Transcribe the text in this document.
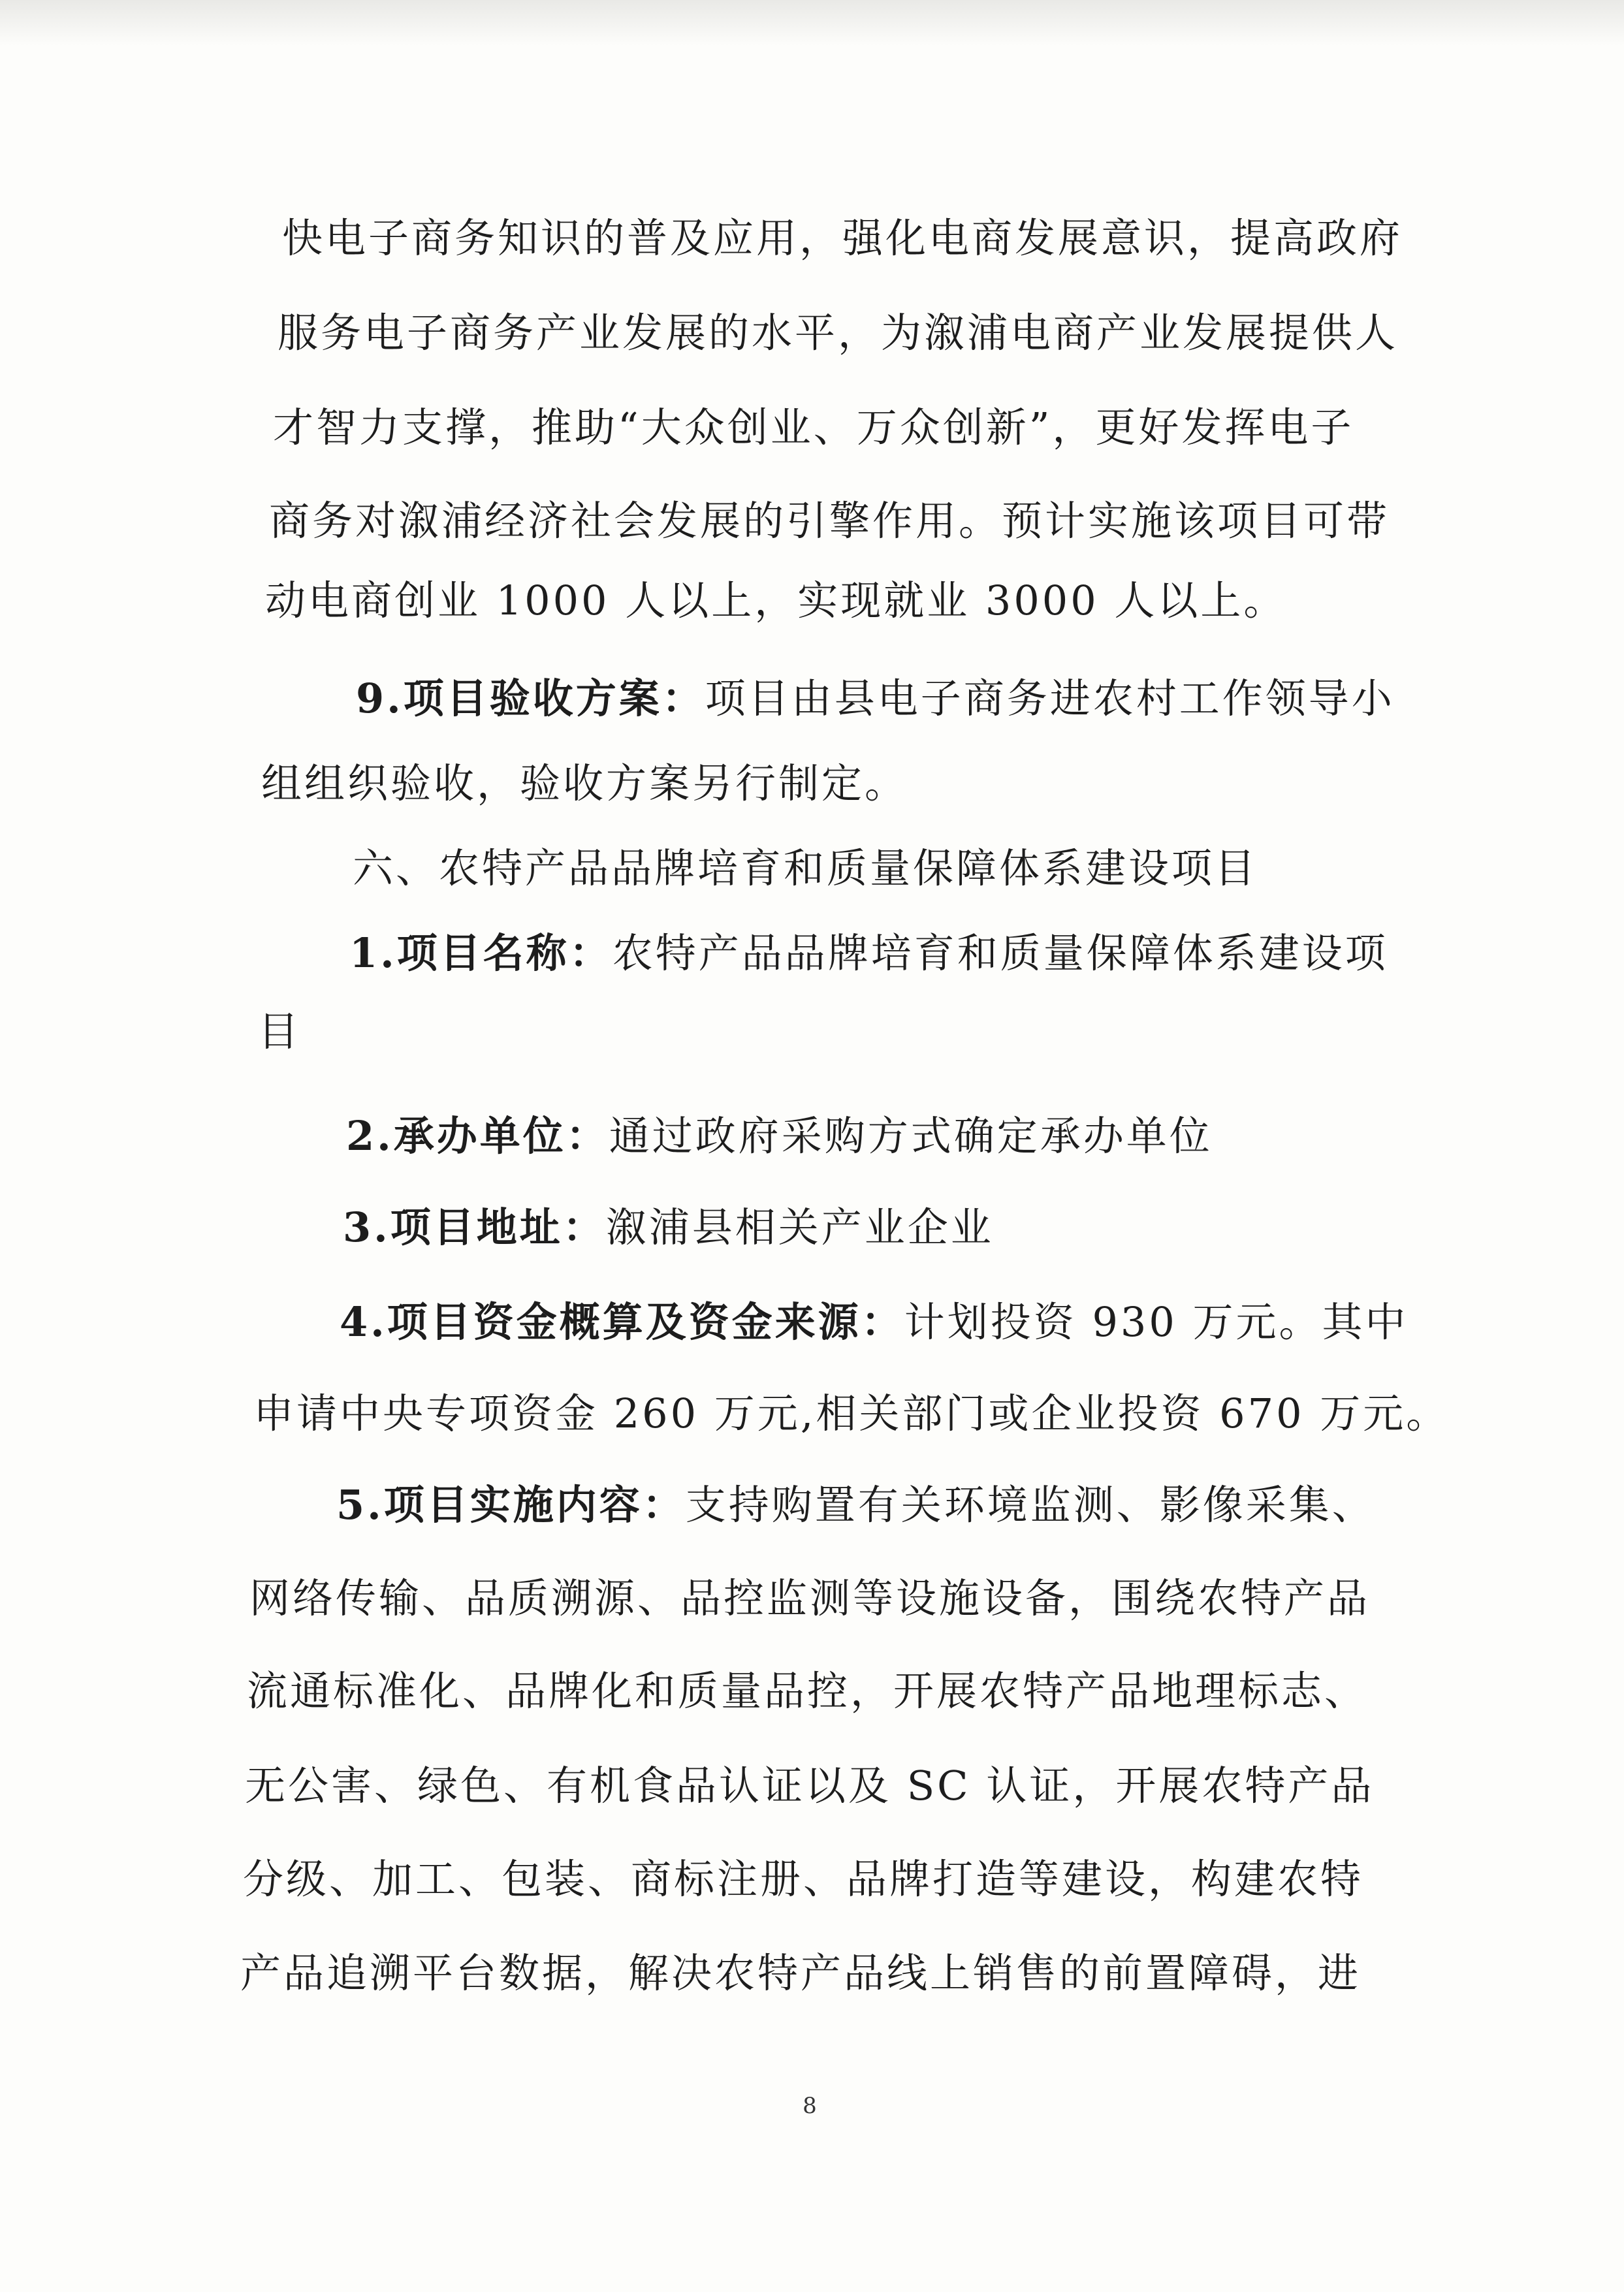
快电子商务知识的普及应用，强化电商发展意识，提高政府
服务电子商务产业发展的水平，为溆浦电商产业发展提供人
才智力支撑，推助“大众创业、万众创新”，更好发挥电子
商务对溆浦经济社会发展的引擎作用。预计实施该项目可带
动电商创业 1000 人以上，实现就业 3000 人以上。
9.项目验收方案：项目由县电子商务进农村工作领导小
组组织验收，验收方案另行制定。
六、农特产品品牌培育和质量保障体系建设项目
1.项目名称：农特产品品牌培育和质量保障体系建设项
目
2.承办单位：通过政府采购方式确定承办单位
3.项目地址：溆浦县相关产业企业
4.项目资金概算及资金来源：计划投资 930 万元。其中
申请中央专项资金 260 万元,相关部门或企业投资 670 万元。
5.项目实施内容：支持购置有关环境监测、影像采集、
网络传输、品质溯源、品控监测等设施设备，围绕农特产品
流通标准化、品牌化和质量品控，开展农特产品地理标志、
无公害、绿色、有机食品认证以及 SC 认证，开展农特产品
分级、加工、包装、商标注册、品牌打造等建设，构建农特
产品追溯平台数据，解决农特产品线上销售的前置障碍，进
8
